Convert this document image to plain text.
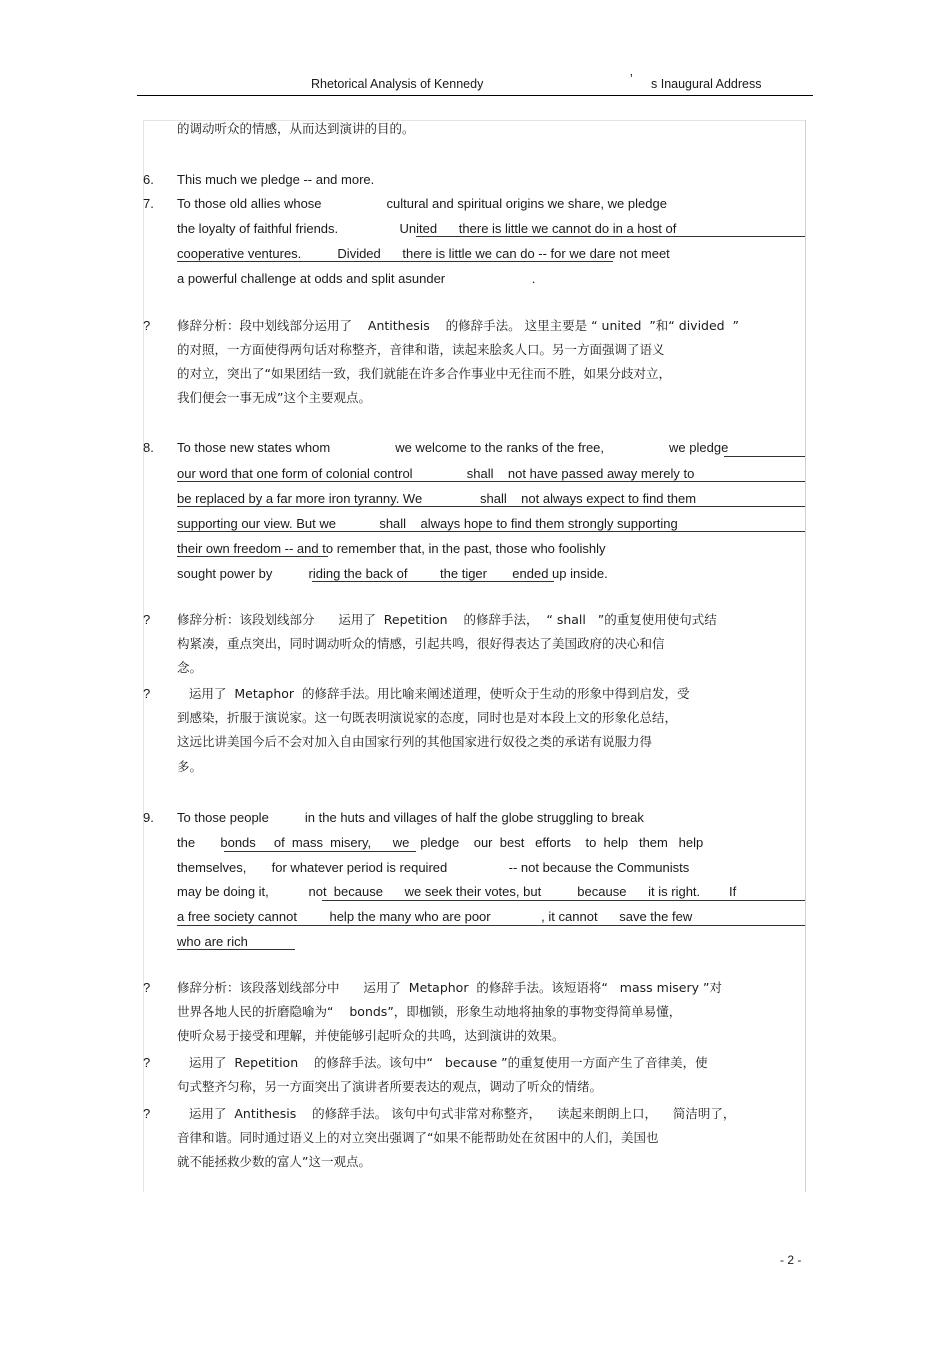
Rhetorical Analysis of Kennedy	’ s Inaugural Address
的调动听众的情感，从而达到演讲的目的。
6. This much we pledge -- and more.
7. To those old allies whose                  cultural and spiritual origins we share, we pledge
the loyalty of faithful friends.                 United      there is little we cannot do in a host of
cooperative ventures.          Divided      there is little we can do -- for we dare not meet
a powerful challenge at odds and split asunder                        .
? 修辞分析：段中划线部分运用了    Antithesis    的修辞手法。 这里主要是 “ united  ”和“ divided  ”
的对照，一方面使得两句话对称整齐，音律和谐，读起来脍炙人口。另一方面强调了语义
的对立，突出了“如果团结一致，我们就能在许多合作事业中无往而不胜，如果分歧对立，
我们便会一事无成”这个主要观点。
8. To those new states whom                  we welcome to the ranks of the free,                  we pledge
our word that one form of colonial control               shall    not have passed away merely to
be replaced by a far more iron tyranny. We                shall    not always expect to find them
supporting our view. But we            shall    always hope to find them strongly supporting
their own freedom -- and to remember that, in the past, those who foolishly
sought power by          riding the back of         the tiger       ended up inside.
? 修辞分析：该段划线部分      运用了  Repetition    的修辞手法，  “ shall   ”的重复使用使句式结
构紧凑，重点突出，同时调动听众的情感，引起共鸣，很好得表达了美国政府的决心和信
念。
? 运用了  Metaphor  的修辞手法。用比喻来阐述道理，使听众于生动的形象中得到启发，受
到感染，折服于演说家。这一句既表明演说家的态度，同时也是对本段上文的形象化总结，
这远比讲美国今后不会对加入自由国家行列的其他国家进行奴役之类的承诺有说服力得
多。
9. To those people          in the huts and villages of half the globe struggling to break
the       bonds     of  mass  misery,      we   pledge    our  best   efforts    to  help   them   help
themselves,       for whatever period is required                 -- not because the Communists
may be doing it,           not  because      we seek their votes, but          because      it is right.        If
a free society cannot         help the many who are poor              , it cannot      save the few
who are rich
? 修辞分析：该段落划线部分中      运用了  Metaphor  的修辞手法。该短语将“   mass misery ”对
世界各地人民的折磨隐喻为“    bonds”，即枷锁，形象生动地将抽象的事物变得简单易懂，
使听众易于接受和理解，并使能够引起听众的共鸣，达到演讲的效果。
? 运用了  Repetition    的修辞手法。该句中“   because ”的重复使用一方面产生了音律美，使
句式整齐匀称，另一方面突出了演讲者所要表达的观点，调动了听众的情绪。
? 运用了  Antithesis    的修辞手法。 该句中句式非常对称整齐，    读起来朗朗上口，    简洁明了，
音律和谐。同时通过语义上的对立突出强调了“如果不能帮助处在贫困中的人们，美国也
就不能拯救少数的富人”这一观点。
- 2 -
